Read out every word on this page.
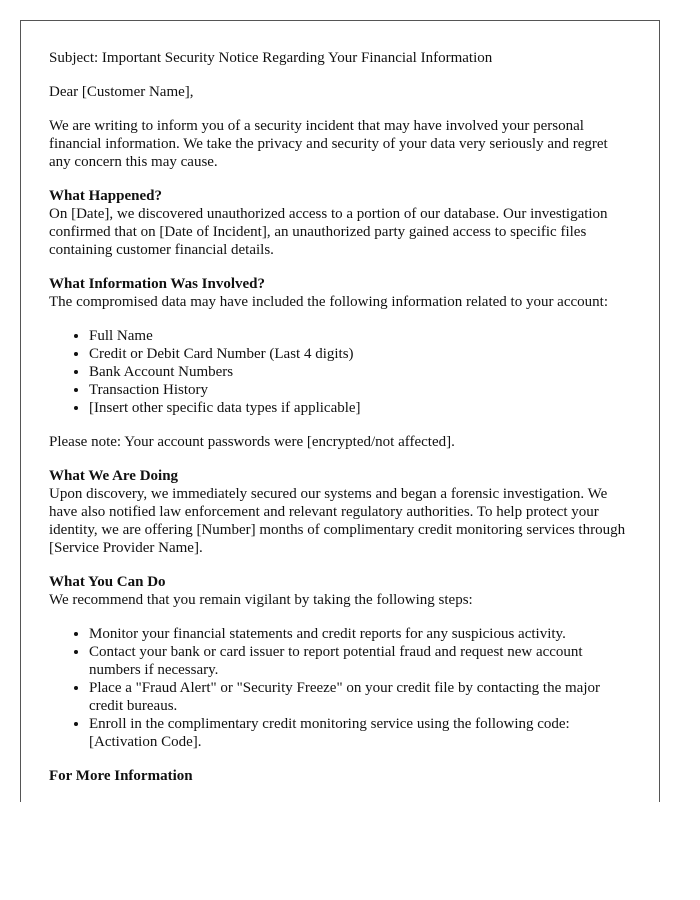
Subject: Important Security Notice Regarding Your Financial Information

Dear [Customer Name],

We are writing to inform you of a security incident that may have involved your personal financial information. We take the privacy and security of your data very seriously and regret any concern this may cause.

What Happened?

On [Date], we discovered unauthorized access to a portion of our database. Our investigation confirmed that on [Date of Incident], an unauthorized party gained access to specific files containing customer financial details.

What Information Was Involved?

The compromised data may have included the following information related to your account:

• Full Name
• Credit or Debit Card Number (Last 4 digits)
• Bank Account Numbers
• Transaction History
• [Insert other specific data types if applicable]

Please note: Your account passwords were [encrypted/not affected].

What We Are Doing

Upon discovery, we immediately secured our systems and began a forensic investigation. We have also notified law enforcement and relevant regulatory authorities. To help protect your identity, we are offering [Number] months of complimentary credit monitoring services through [Service Provider Name].

What You Can Do

We recommend that you remain vigilant by taking the following steps:

• Monitor your financial statements and credit reports for any suspicious activity.
• Contact your bank or card issuer to report potential fraud and request new account numbers if necessary.
• Place a "Fraud Alert" or "Security Freeze" on your credit file by contacting the major credit bureaus.
• Enroll in the complimentary credit monitoring service using the following code: [Activation Code].
For More Information
